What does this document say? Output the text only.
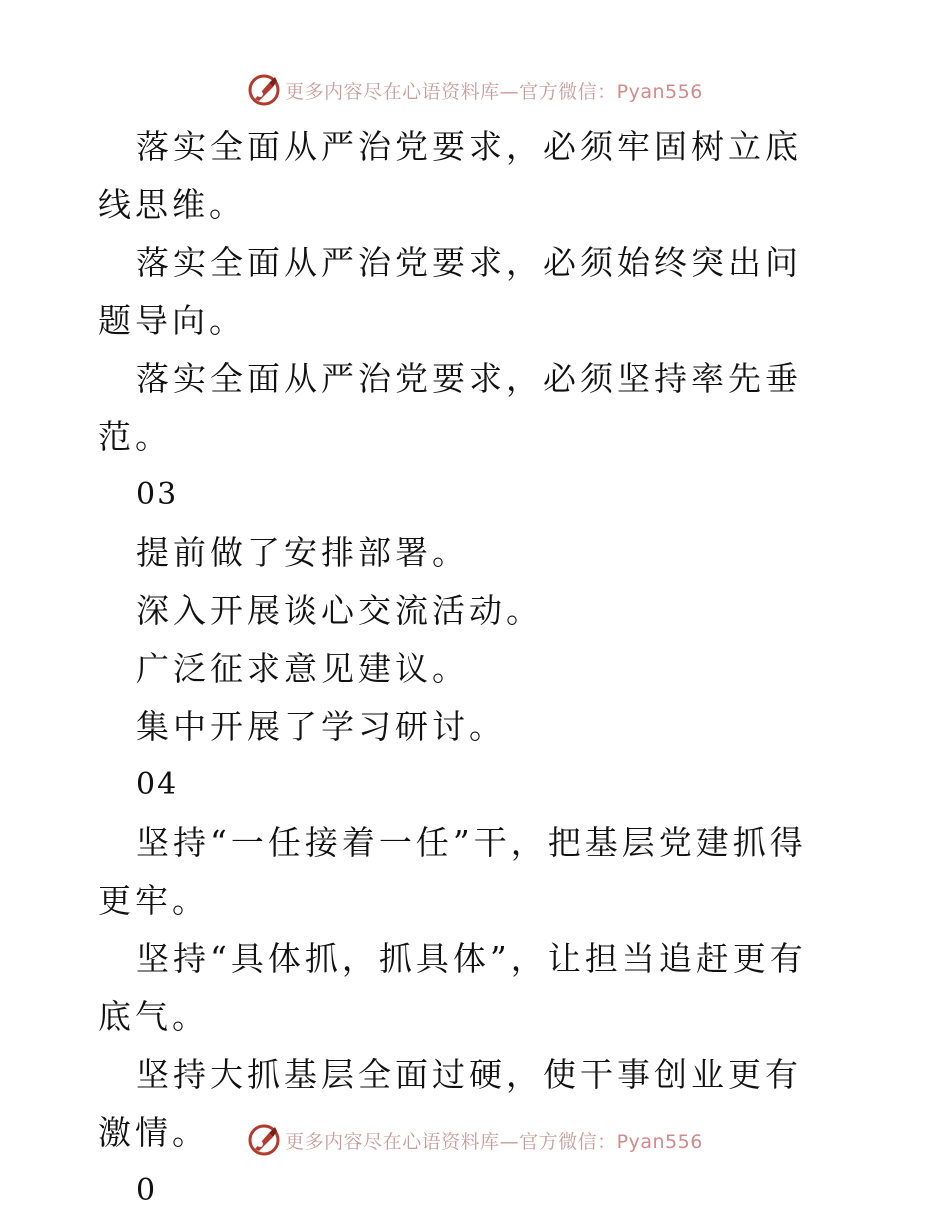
更多内容尽在心语资料库—官方微信：Pyan556

落实全面从严治党要求，必须牢固树立底线思维。

落实全面从严治党要求，必须始终突出问题导向。

落实全面从严治党要求，必须坚持率先垂范。

03

提前做了安排部署。

深入开展谈心交流活动。

广泛征求意见建议。

集中开展了学习研讨。

04

坚持“一任接着一任”干，把基层党建抓得更牢。

坚持“具体抓，抓具体”，让担当追赶更有底气。

坚持大抓基层全面过硬，使干事创业更有激情。

0

更多内容尽在心语资料库—官方微信：Pyan556
